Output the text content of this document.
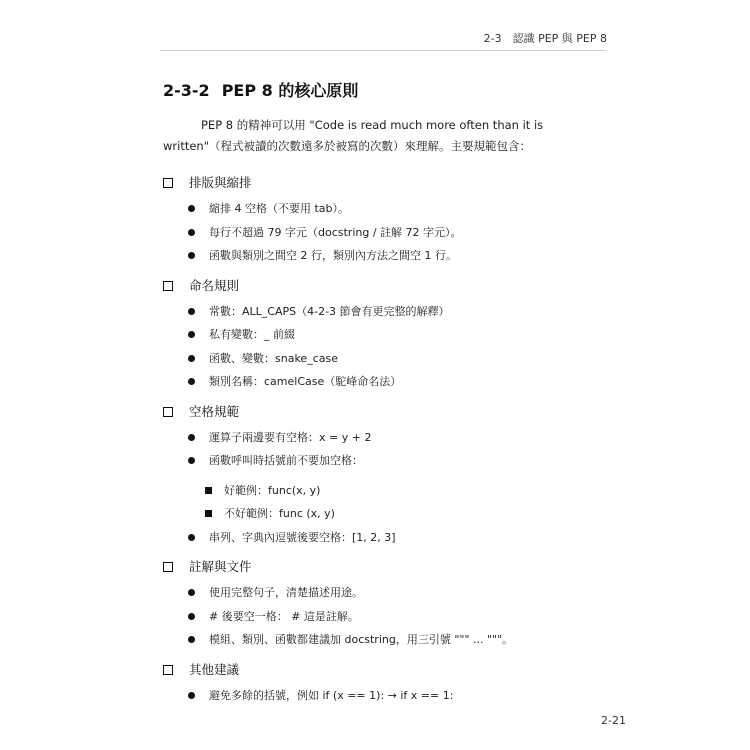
2-3　認識 PEP 與 PEP 8
2-3-2 PEP 8 的核心原則

PEP 8 的精神可以用 "Code is read much more often than it is written"（程式被讀的次數遠多於被寫的次數）來理解。主要規範包含：

排版與縮排
縮排 4 空格（不要用 tab）。
每行不超過 79 字元（docstring / 註解 72 字元）。
函數與類別之間空 2 行，類別內方法之間空 1 行。
命名規則
常數：ALL_CAPS（4-2-3 節會有更完整的解釋）
私有變數：_ 前綴
函數、變數：snake_case
類別名稱：camelCase（駝峰命名法）
空格規範
運算子兩邊要有空格：x = y + 2
函數呼叫時括號前不要加空格：
好範例：func(x, y)
不好範例：func (x, y)
串列、字典內逗號後要空格：[1, 2, 3]
註解與文件
使用完整句子，清楚描述用途。
# 後要空一格： # 這是註解。
模組、類別、函數都建議加 docstring，用三引號 """ ... """。
其他建議
避免多餘的括號，例如 if (x == 1): → if x == 1:
2-21
